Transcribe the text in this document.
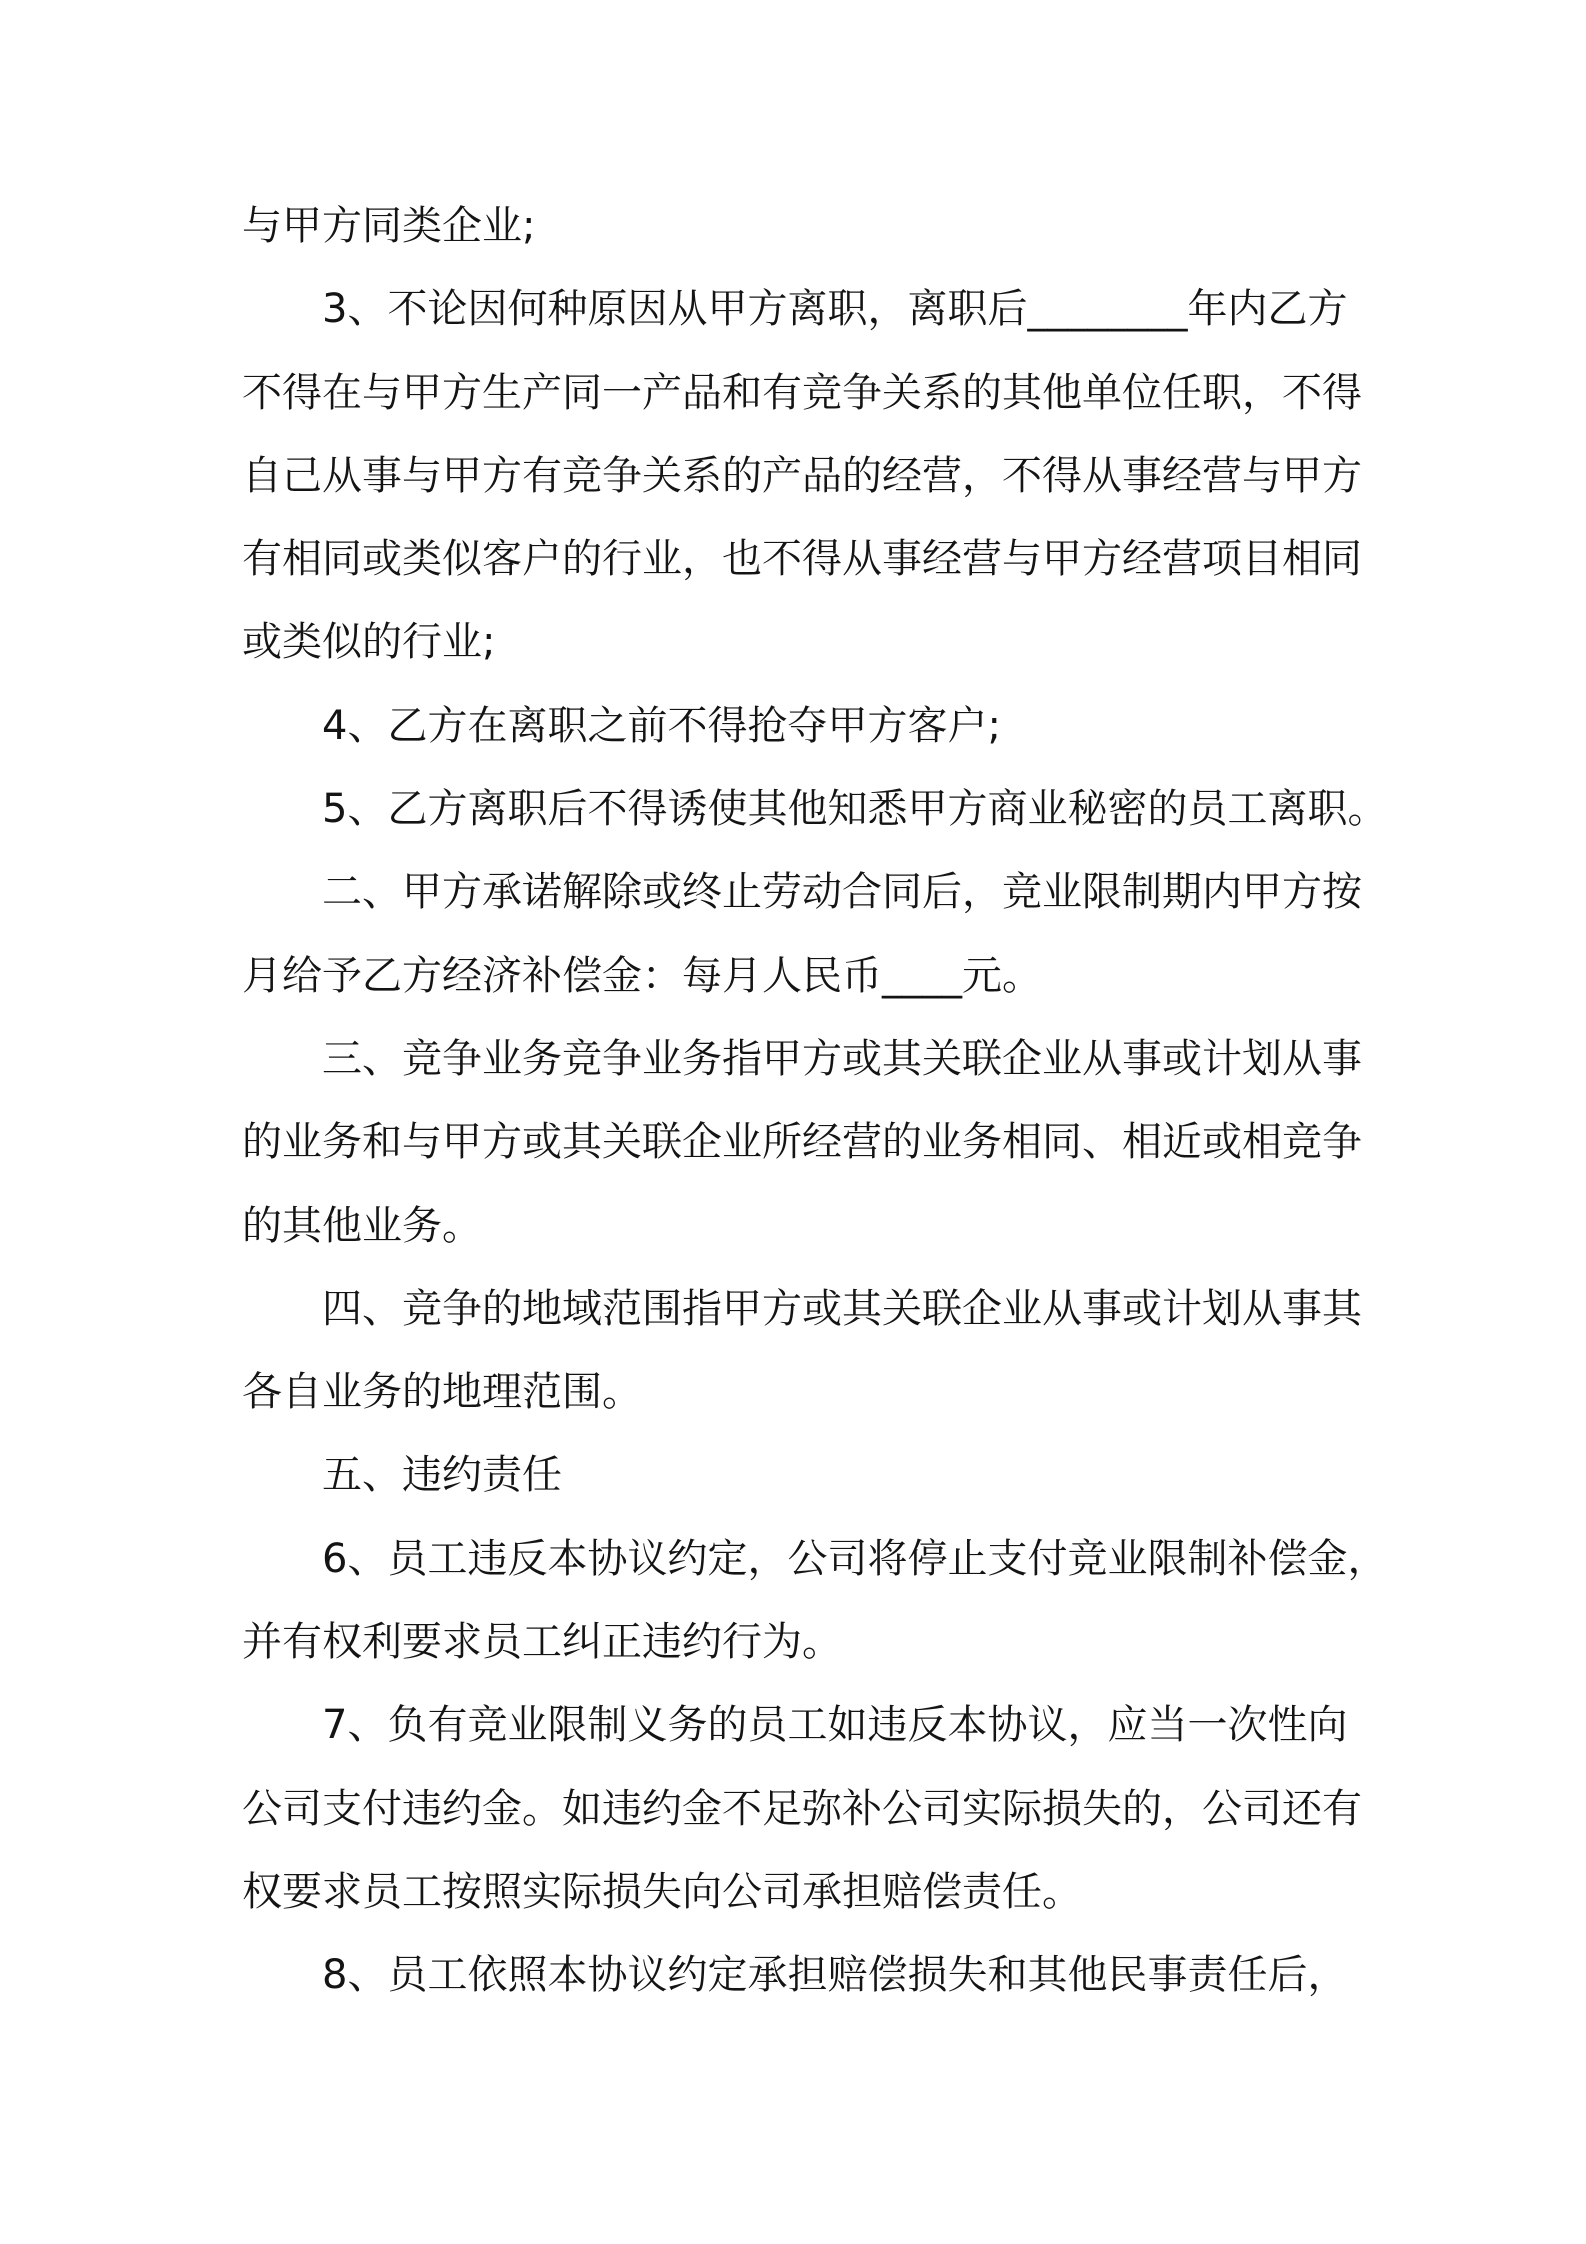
与甲方同类企业;
3、不论因何种原因从甲方离职，离职后________年内乙方
不得在与甲方生产同一产品和有竞争关系的其他单位任职，不得
自己从事与甲方有竞争关系的产品的经营，不得从事经营与甲方
有相同或类似客户的行业，也不得从事经营与甲方经营项目相同
或类似的行业;
4、乙方在离职之前不得抢夺甲方客户;
5、乙方离职后不得诱使其他知悉甲方商业秘密的员工离职。
二、甲方承诺解除或终止劳动合同后，竞业限制期内甲方按
月给予乙方经济补偿金：每月人民币____元。
三、竞争业务竞争业务指甲方或其关联企业从事或计划从事
的业务和与甲方或其关联企业所经营的业务相同、相近或相竞争
的其他业务。
四、竞争的地域范围指甲方或其关联企业从事或计划从事其
各自业务的地理范围。
五、违约责任
6、员工违反本协议约定，公司将停止支付竞业限制补偿金，
并有权利要求员工纠正违约行为。
7、负有竞业限制义务的员工如违反本协议，应当一次性向
公司支付违约金。如违约金不足弥补公司实际损失的，公司还有
权要求员工按照实际损失向公司承担赔偿责任。
8、员工依照本协议约定承担赔偿损失和其他民事责任后，
